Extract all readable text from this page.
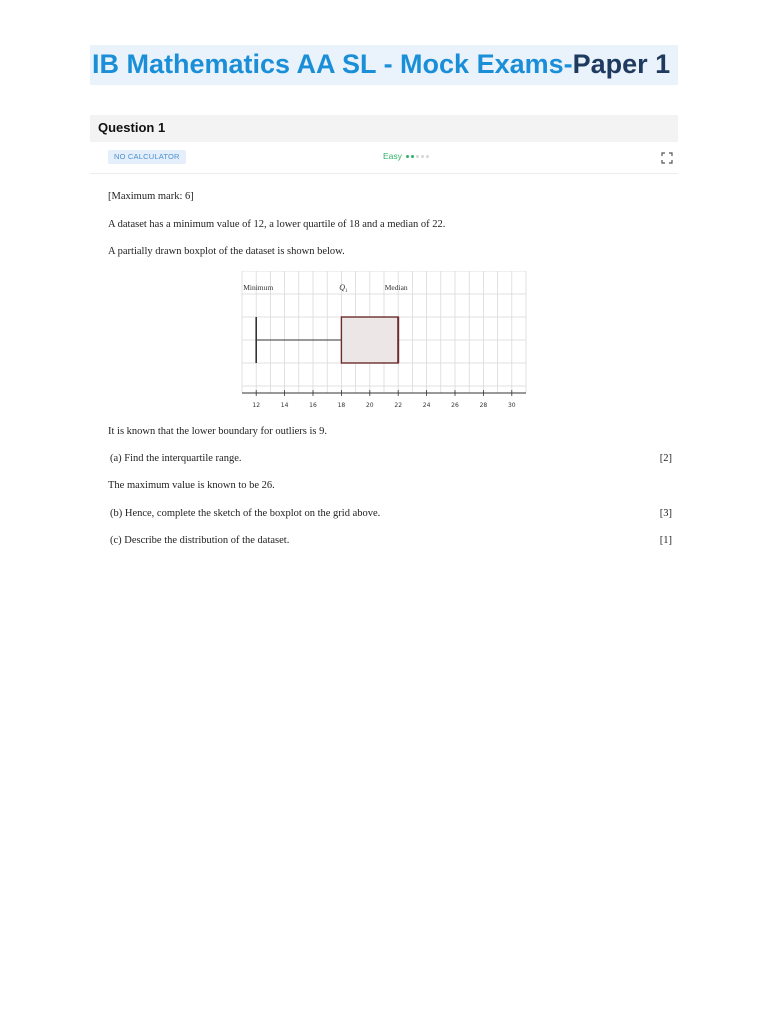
IB Mathematics AA SL - Mock Exams-Paper 1
Question 1
NO CALCULATOR	Easy
[Maximum mark: 6]
A dataset has a minimum value of 12, a lower quartile of 18 and a median of 22.
A partially drawn boxplot of the dataset is shown below.
12	14	16	18	20	22	24	26	28	30
Minimum	$Q_1$	Median
It is known that the lower boundary for outliers is 9.
(a) Find the interquartile range.	[2]
The maximum value is known to be 26.
(b) Hence, complete the sketch of the boxplot on the grid above.	[3]
(c) Describe the distribution of the dataset.	[1]
